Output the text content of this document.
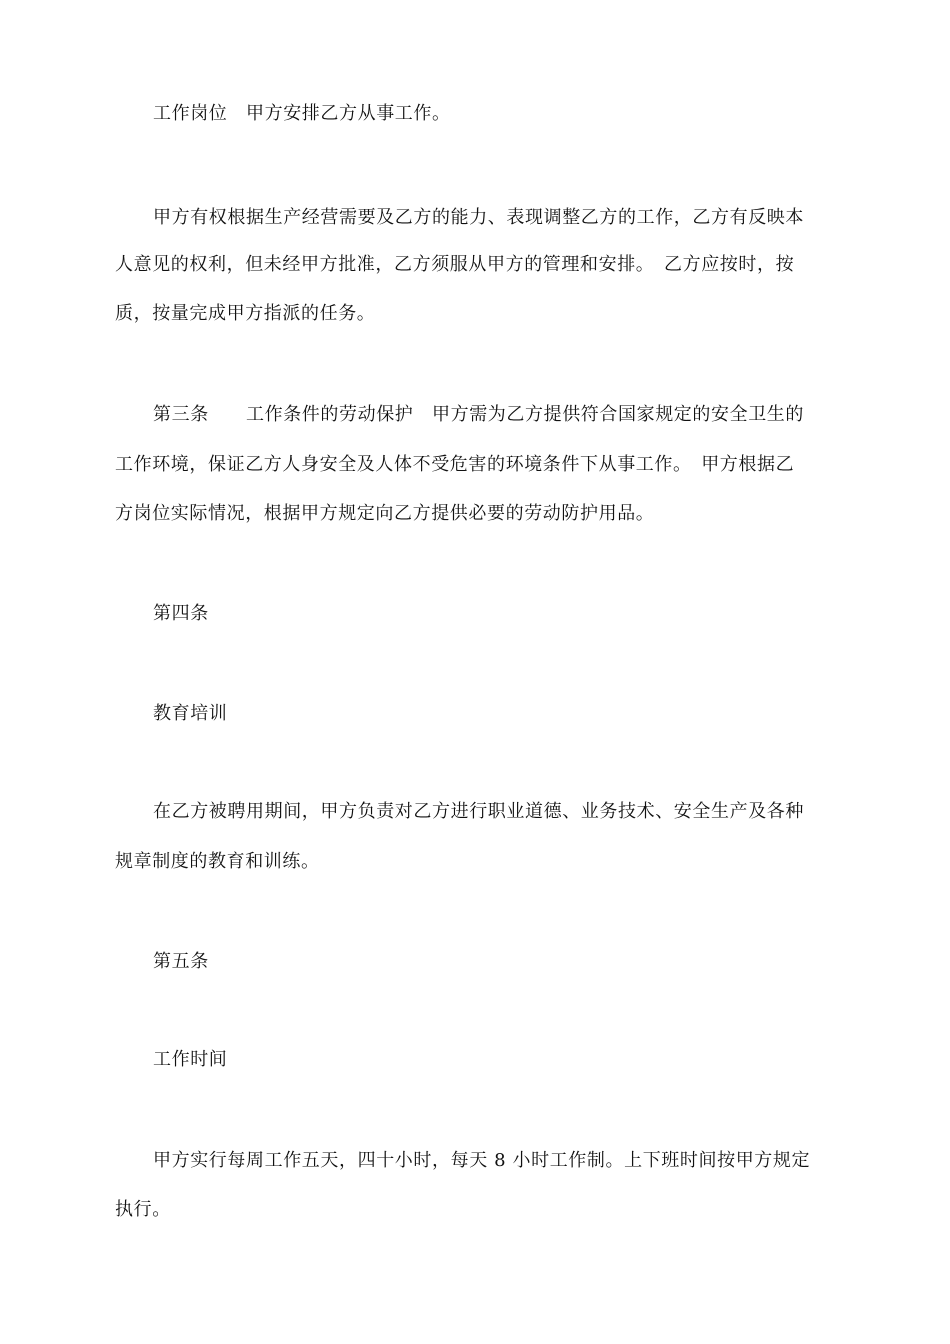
工作岗位　甲方安排乙方从事工作。

甲方有权根据生产经营需要及乙方的能力、表现调整乙方的工作，乙方有反映本

人意见的权利，但未经甲方批准，乙方须服从甲方的管理和安排。　乙方应按时，按

质，按量完成甲方指派的任务。

第三条　　工作条件的劳动保护　甲方需为乙方提供符合国家规定的安全卫生的

工作环境，保证乙方人身安全及人体不受危害的环境条件下从事工作。　甲方根据乙

方岗位实际情况，根据甲方规定向乙方提供必要的劳动防护用品。

第四条

教育培训

在乙方被聘用期间，甲方负责对乙方进行职业道德、业务技术、安全生产及各种

规章制度的教育和训练。

第五条

工作时间

甲方实行每周工作五天，四十小时，每天 8 小时工作制。上下班时间按甲方规定

执行。
